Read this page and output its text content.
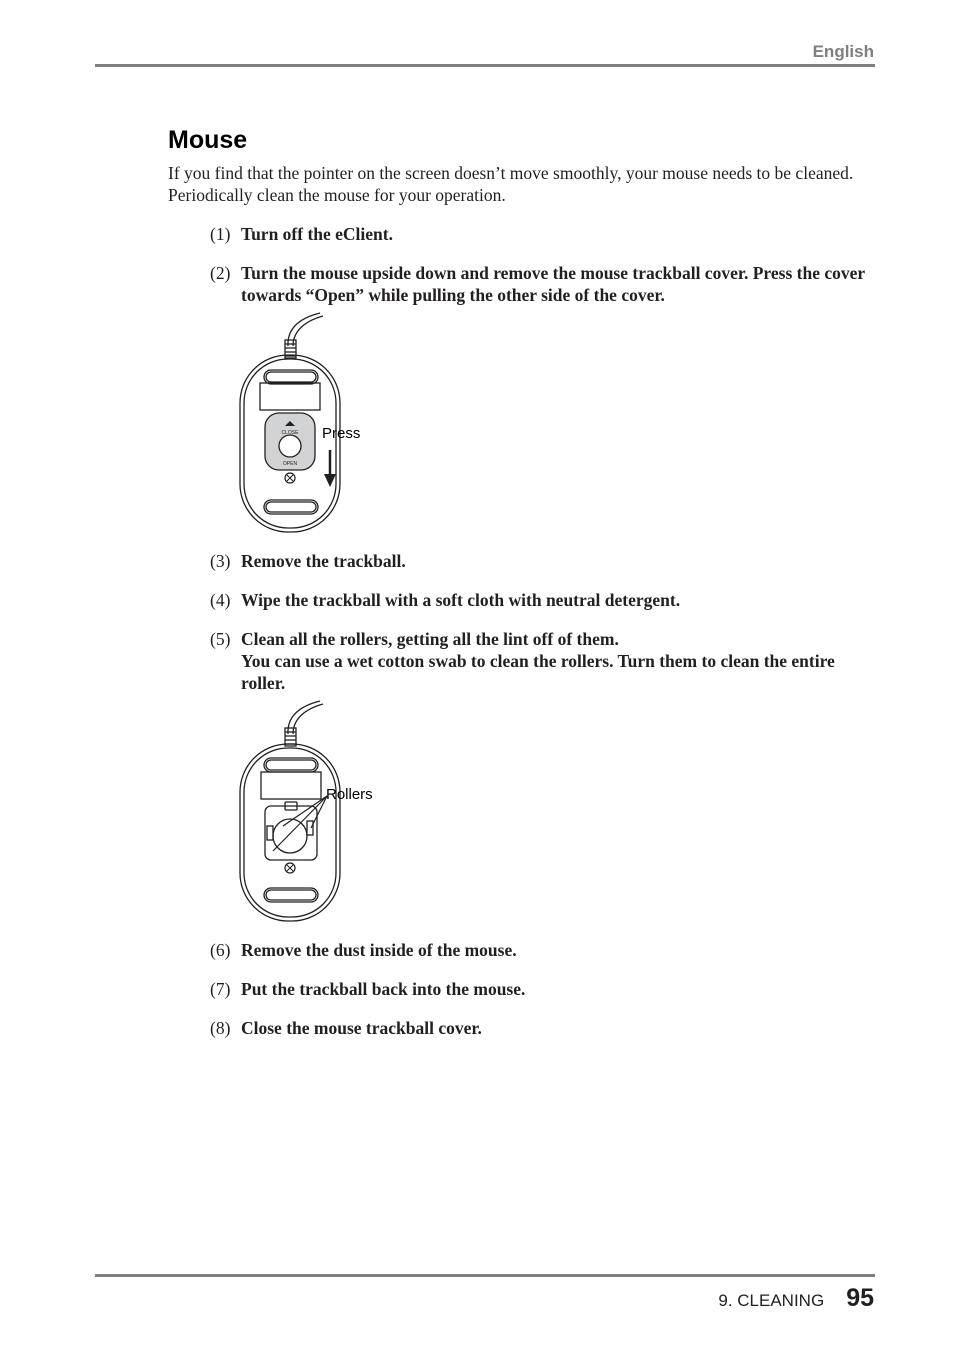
English
Mouse

If you find that the pointer on the screen doesn’t move smoothly, your mouse needs to be cleaned. Periodically clean the mouse for your operation.

(1) Turn off the eClient.
(2) Turn the mouse upside down and remove the mouse trackball cover. Press the cover towards “Open” while pulling the other side of the cover.
CLOSE
OPEN
Press
(3) Remove the trackball.
(4) Wipe the trackball with a soft cloth with neutral detergent.
(5) Clean all the rollers, getting all the lint off of them.
You can use a wet cotton swab to clean the rollers. Turn them to clean the entire roller.
Rollers
(6) Remove the dust inside of the mouse.
(7) Put the trackball back into the mouse.
(8) Close the mouse trackball cover.
9. CLEANING 95
